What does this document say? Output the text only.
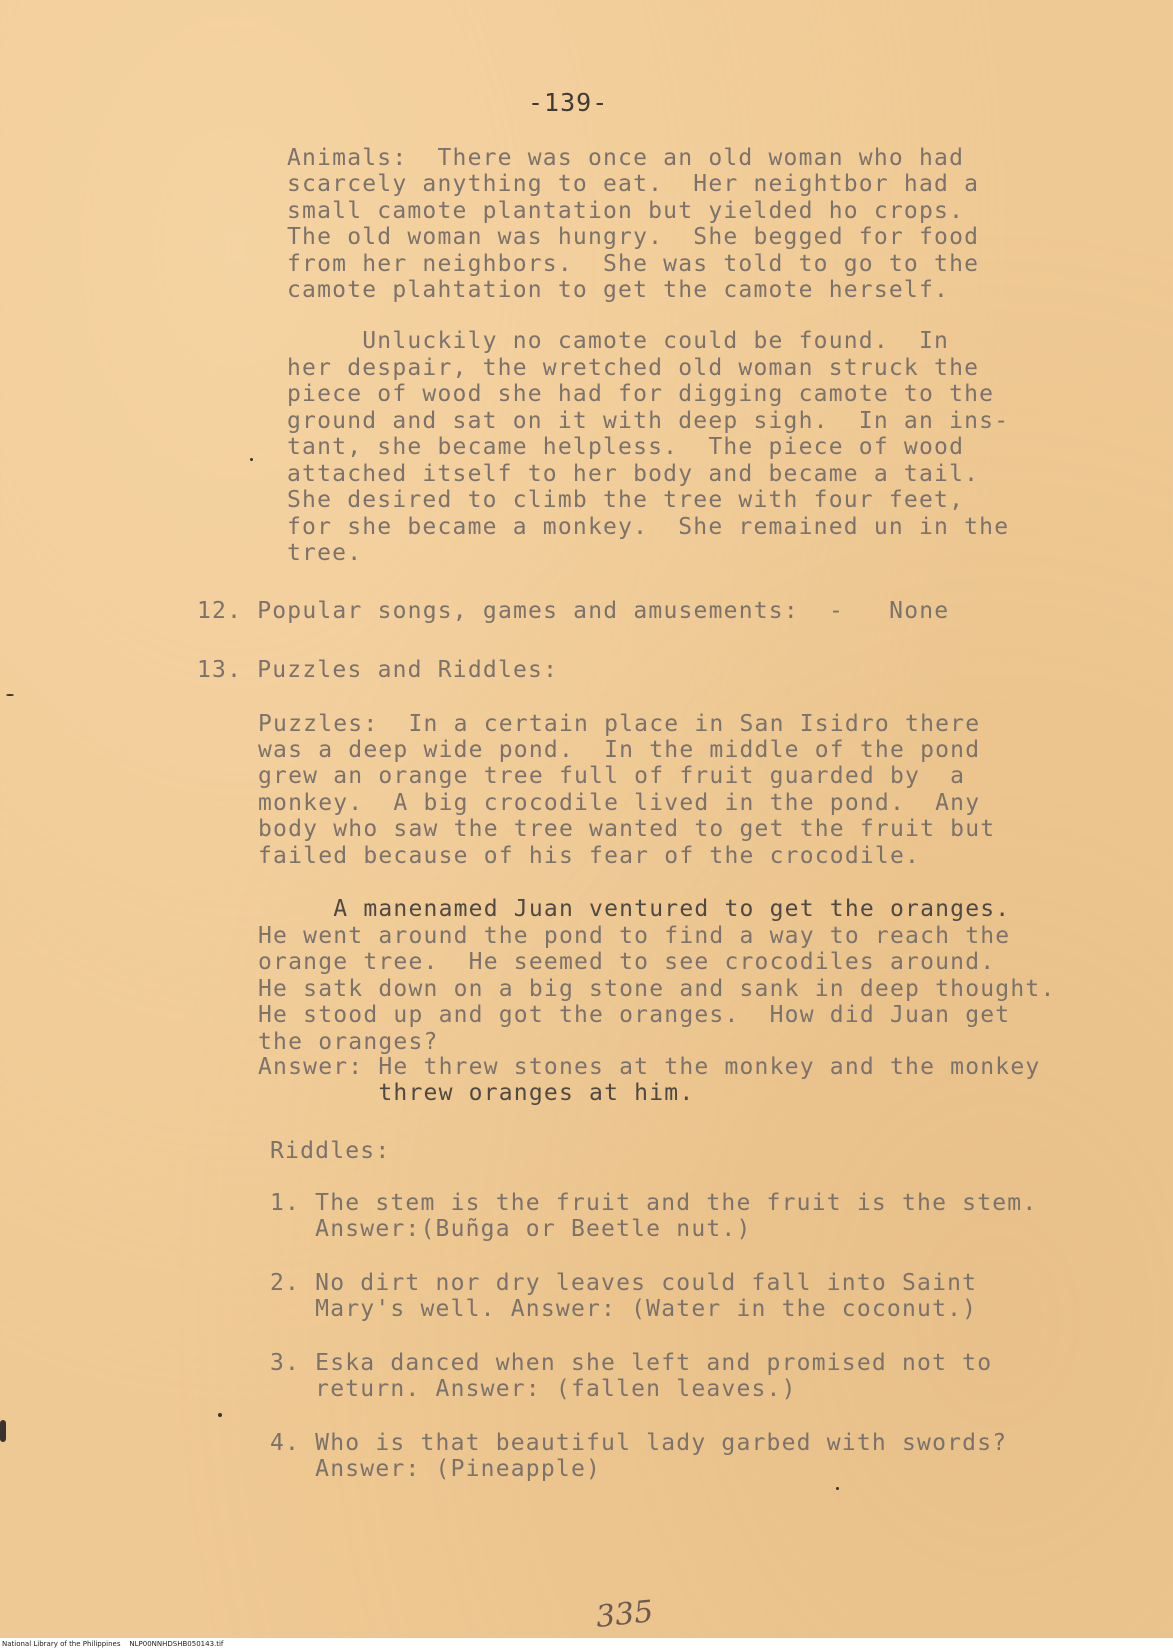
-139-
Animals:  There was once an old woman who had
scarcely anything to eat.  Her neightbor had a
small camote plantation but yielded ho crops.
The old woman was hungry.  She begged for food
from her neighbors.  She was told to go to the
camote plahtation to get the camote herself.
Unluckily no camote could be found.  In
her despair, the wretched old woman struck the
piece of wood she had for digging camote to the
ground and sat on it with deep sigh.  In an ins-
tant, she became helpless.  The piece of wood
attached itself to her body and became a tail.
She desired to climb the tree with four feet,
for she became a monkey.  She remained un in the
tree.
12. Popular songs, games and amusements:  -   None
13. Puzzles and Riddles:
Puzzles:  In a certain place in San Isidro there
was a deep wide pond.  In the middle of the pond
grew an orange tree full of fruit guarded by  a
monkey.  A big crocodile lived in the pond.  Any
body who saw the tree wanted to get the fruit but
failed because of his fear of the crocodile.
A manenamed Juan ventured to get the oranges.
He went around the pond to find a way to reach the
orange tree.  He seemed to see crocodiles around.
He satk down on a big stone and sank in deep thought.
He stood up and got the oranges.  How did Juan get
the oranges?
Answer: He threw stones at the monkey and the monkey
threw oranges at him.
Riddles:
1. The stem is the fruit and the fruit is the stem.
Answer:(Buñga or Beetle nut.)
2. No dirt nor dry leaves could fall into Saint
Mary's well. Answer: (Water in the coconut.)
3. Eska danced when she left and promised not to
return. Answer: (fallen leaves.)
4. Who is that beautiful lady garbed with swords?
Answer: (Pineapple)
335
National Library of the Philippines    NLP00NNHDSHB050143.tif
